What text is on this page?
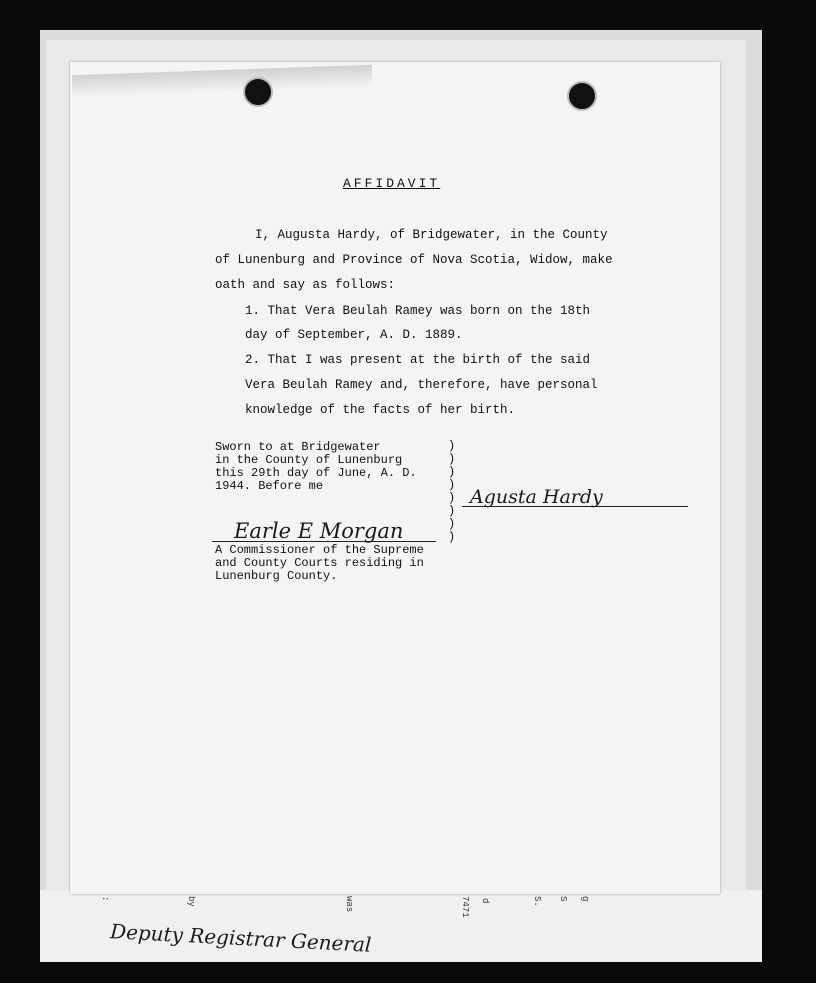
AFFIDAVIT
I, Augusta Hardy, of Bridgewater, in the County
of Lunenburg and Province of Nova Scotia, Widow, make
oath and say as follows:
1. That Vera Beulah Ramey was born on the 18th
day of September, A. D. 1889.
2. That I was present at the birth of the said
Vera Beulah Ramey and, therefore, have personal
knowledge of the facts of her birth.
Sworn to at Bridgewater
in the County of Lunenburg
this 29th day of June, A. D.
1944. Before me
)
)
)
)
)
)
)
)
Agusta Hardy
Earle E Morgan
A Commissioner of the Supreme
and County Courts residing in
Lunenburg County.
Deputy Registrar General
:	by	was	7471 d	S. S g
